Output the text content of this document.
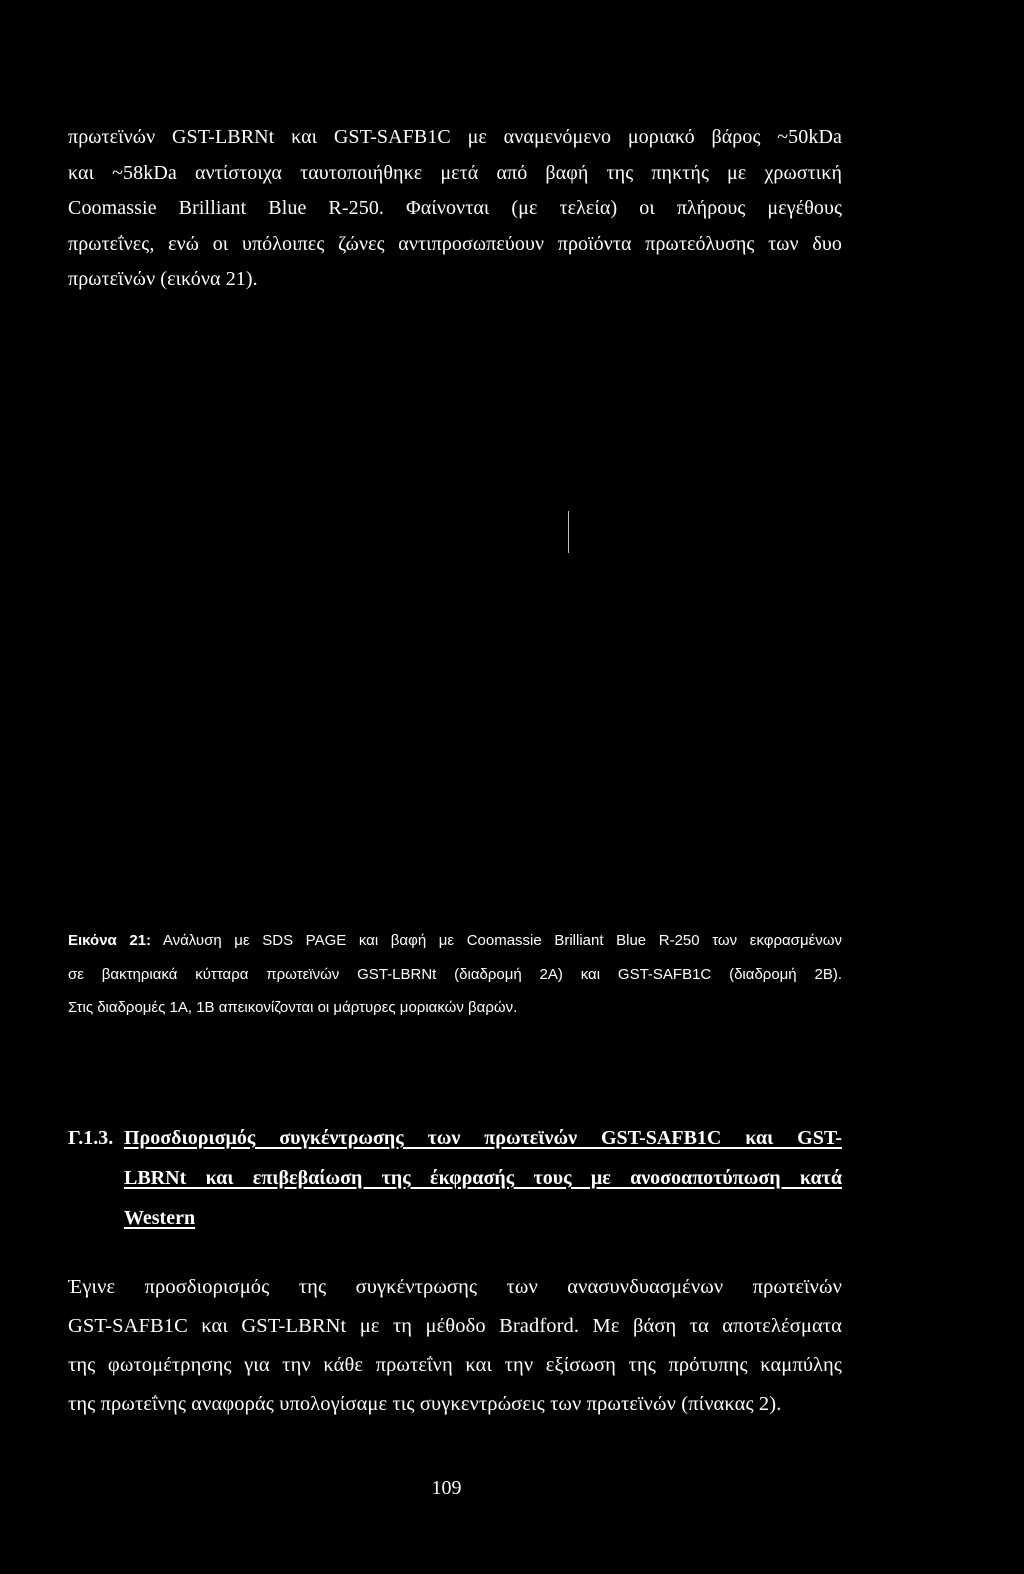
πρωτεϊνών GST-LBRNt και GST-SAFB1C με αναμενόμενο μοριακό βάρος ~50kDa
και ~58kDa αντίστοιχα ταυτοποιήθηκε μετά από βαφή της πηκτής με χρωστική
Coomassie Brilliant Blue R-250. Φαίνονται (με τελεία) οι πλήρους μεγέθους
πρωτεΐνες, ενώ οι υπόλοιπες ζώνες αντιπροσωπεύουν προϊόντα πρωτεόλυσης των δυο
πρωτεϊνών (εικόνα 21).
Εικόνα 21: Ανάλυση με SDS PAGE και βαφή με Coomassie Brilliant Blue R-250 των εκφρασμένων
σε βακτηριακά κύτταρα πρωτεϊνών GST-LBRNt (διαδρομή 2A) και GST-SAFB1C (διαδρομή 2B).
Στις διαδρομές 1A, 1B απεικονίζονται οι μάρτυρες μοριακών βαρών.
Γ.1.3. Προσδιορισμός συγκέντρωσης των πρωτεϊνών GST-SAFB1C και GST-
LBRNt και επιβεβαίωση της έκφρασής τους με ανοσοαποτύπωση κατά
Western
Έγινε προσδιορισμός της συγκέντρωσης των ανασυνδυασμένων πρωτεϊνών
GST-SAFB1C και GST-LBRNt με τη μέθοδο Bradford. Με βάση τα αποτελέσματα
της φωτομέτρησης για την κάθε πρωτεΐνη και την εξίσωση της πρότυπης καμπύλης
της πρωτεΐνης αναφοράς υπολογίσαμε τις συγκεντρώσεις των πρωτεϊνών (πίνακας 2).

109
